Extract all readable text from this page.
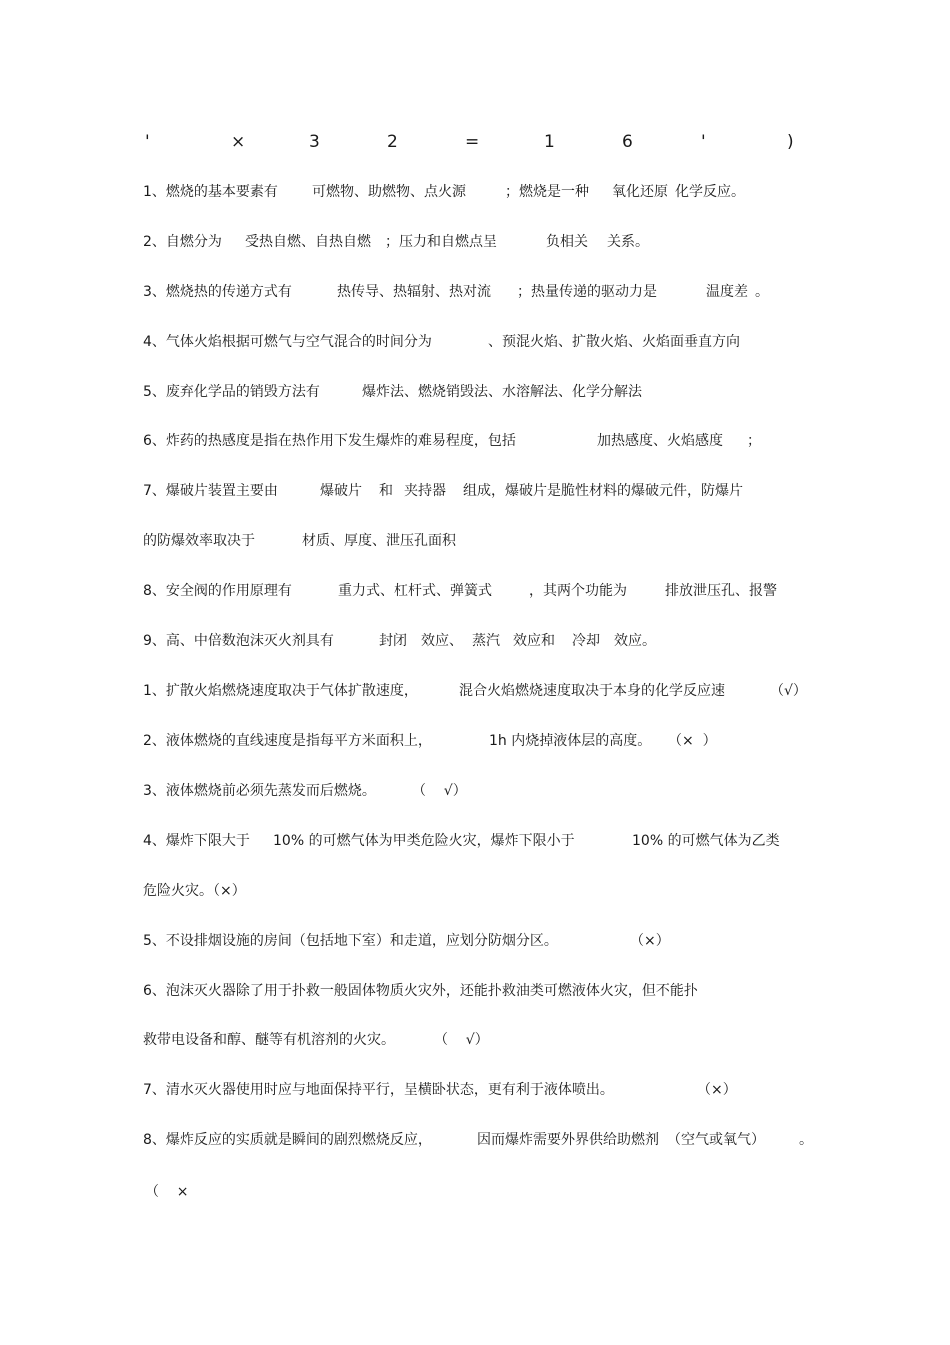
'	×	3	2	=	1	6	'	)
1、燃烧的基本要素有 可燃物、助燃物、点火源	；燃烧是一种 氧化还原 化学反应。
2、自燃分为 受热自燃、自热自燃 ；压力和自燃点呈	负相关 关系。
3、燃烧热的传递方式有	热传导、热辐射、热对流 ；热量传递的驱动力是	温度差 。
4、气体火焰根据可燃气与空气混合的时间分为	、预混火焰、扩散火焰、火焰面垂直方向
5、废弃化学品的销毁方法有	爆炸法、燃烧销毁法、水溶解法、化学分解法
6、炸药的热感度是指在热作用下发生爆炸的难易程度，包括	加热感度、火焰感度 ；
7、爆破片装置主要由	爆破片 和 夹持器 组成，爆破片是脆性材料的爆破元件，防爆片
的防爆效率取决于	材质、厚度、泄压孔面积
8、安全阀的作用原理有	重力式、杠杆式、弹簧式	，其两个功能为	排放泄压孔、报警
9、高、中倍数泡沫灭火剂具有	封闭 效应、 蒸汽 效应和 冷却 效应。
1、扩散火焰燃烧速度取决于气体扩散速度，	混合火焰燃烧速度取决于本身的化学反应速	（√）
2、液体燃烧的直线速度是指每平方米面积上，	1h 内烧掉液体层的高度。 （×  ）
3、液体燃烧前必须先蒸发而后燃烧。	（    √）
4、爆炸下限大于 10% 的可燃气体为甲类危险火灾，爆炸下限小于	10% 的可燃气体为乙类
危险火灾。（×）
5、不设排烟设施的房间（包括地下室）和走道，应划分防烟分区。	（×）
6、泡沫灭火器除了用于扑救一般固体物质火灾外，还能扑救油类可燃液体火灾，但不能扑
救带电设备和醇、醚等有机溶剂的火灾。	（    √）
7、清水灭火器使用时应与地面保持平行，呈横卧状态，更有利于液体喷出。	（×）
8、爆炸反应的实质就是瞬间的剧烈燃烧反应，	因而爆炸需要外界供给助燃剂 （空气或氧气） 。
（    ×
